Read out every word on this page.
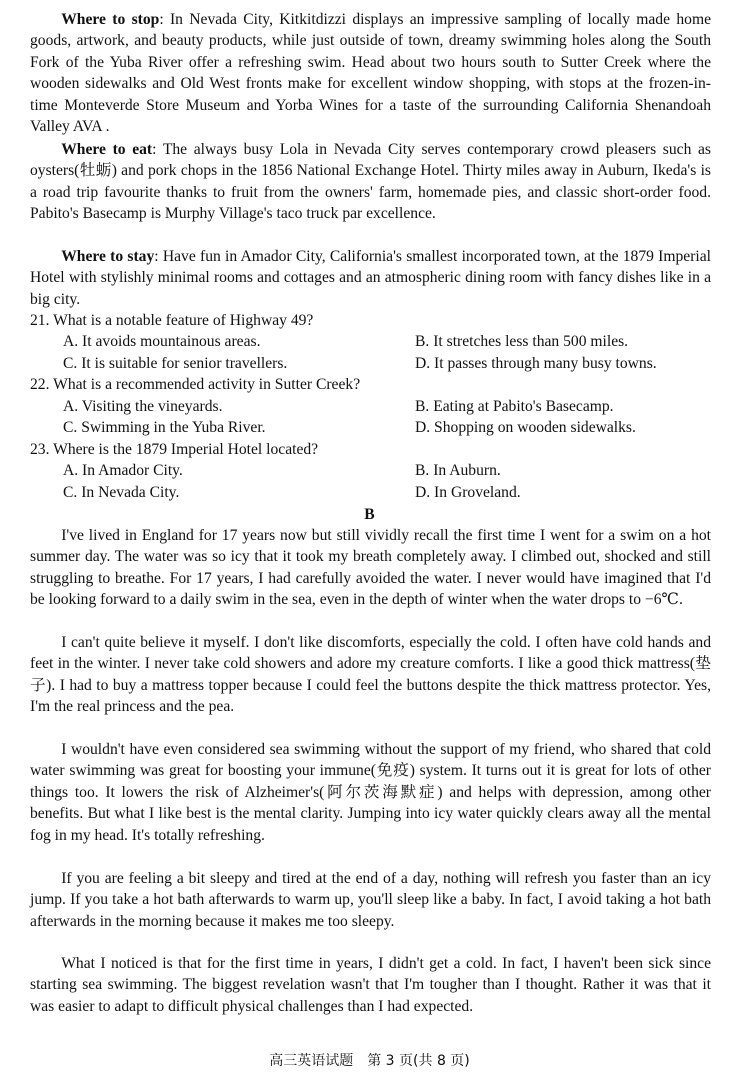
Where to stop: In Nevada City, Kitkitdizzi displays an impressive sampling of locally made home goods, artwork, and beauty products, while just outside of town, dreamy swimming holes along the South Fork of the Yuba River offer a refreshing swim. Head about two hours south to Sutter Creek where the wooden sidewalks and Old West fronts make for excellent window shopping, with stops at the frozen-in-time Monteverde Store Museum and Yorba Wines for a taste of the surrounding California Shenandoah Valley AVA .
Where to eat: The always busy Lola in Nevada City serves contemporary crowd pleasers such as oysters(牡蛎) and pork chops in the 1856 National Exchange Hotel. Thirty miles away in Auburn, Ikeda's is a road trip favourite thanks to fruit from the owners' farm, homemade pies, and classic short-order food. Pabito's Basecamp is Murphy Village's taco truck par excellence.
Where to stay: Have fun in Amador City, California's smallest incorporated town, at the 1879 Imperial Hotel with stylishly minimal rooms and cottages and an atmospheric dining room with fancy dishes like in a big city.
21. What is a notable feature of Highway 49?
A. It avoids mountainous areas.	B. It stretches less than 500 miles.
C. It is suitable for senior travellers.	D. It passes through many busy towns.
22. What is a recommended activity in Sutter Creek?
A. Visiting the vineyards.	B. Eating at Pabito's Basecamp.
C. Swimming in the Yuba River.	D. Shopping on wooden sidewalks.
23. Where is the 1879 Imperial Hotel located?
A. In Amador City.	B. In Auburn.
C. In Nevada City.	D. In Groveland.
B
I've lived in England for 17 years now but still vividly recall the first time I went for a swim on a hot summer day. The water was so icy that it took my breath completely away. I climbed out, shocked and still struggling to breathe. For 17 years, I had carefully avoided the water. I never would have imagined that I'd be looking forward to a daily swim in the sea, even in the depth of winter when the water drops to −6℃.
I can't quite believe it myself. I don't like discomforts, especially the cold. I often have cold hands and feet in the winter. I never take cold showers and adore my creature comforts. I like a good thick mattress(垫子). I had to buy a mattress topper because I could feel the buttons despite the thick mattress protector. Yes, I'm the real princess and the pea.
I wouldn't have even considered sea swimming without the support of my friend, who shared that cold water swimming was great for boosting your immune(免疫) system. It turns out it is great for lots of other things too. It lowers the risk of Alzheimer's(阿尔茨海默症) and helps with depression, among other benefits. But what I like best is the mental clarity. Jumping into icy water quickly clears away all the mental fog in my head. It's totally refreshing.
If you are feeling a bit sleepy and tired at the end of a day, nothing will refresh you faster than an icy jump. If you take a hot bath afterwards to warm up, you'll sleep like a baby. In fact, I avoid taking a hot bath afterwards in the morning because it makes me too sleepy.
What I noticed is that for the first time in years, I didn't get a cold. In fact, I haven't been sick since starting sea swimming. The biggest revelation wasn't that I'm tougher than I thought. Rather it was that it was easier to adapt to difficult physical challenges than I had expected.
高三英语试题　第 3 页(共 8 页)
